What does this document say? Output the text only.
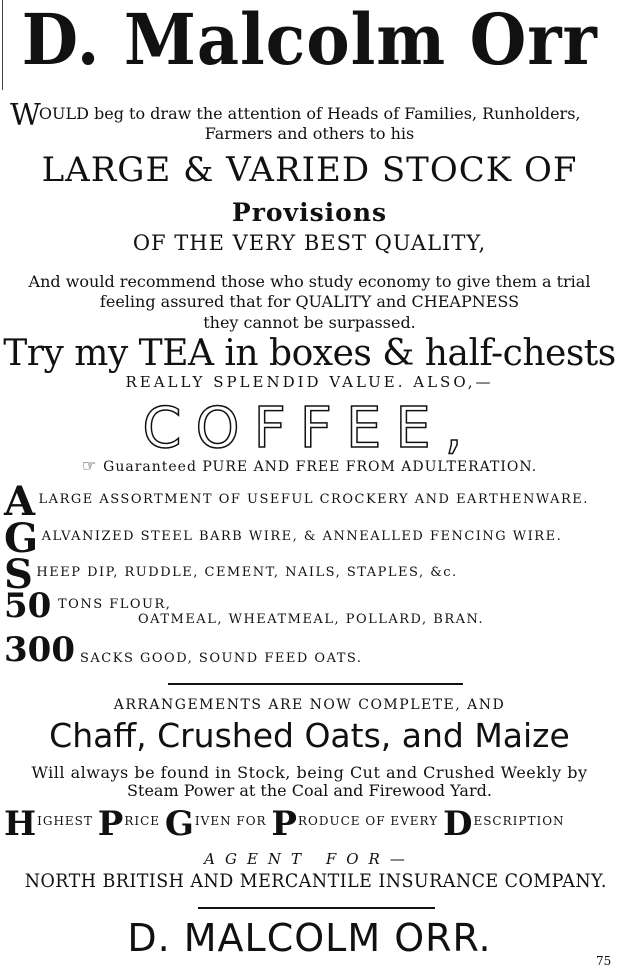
D. Malcolm Orr
WOULD beg to draw the attention of Heads of Families, Runholders,
Farmers and others to his
LARGE & VARIED STOCK OF
Provisions
OF THE VERY BEST QUALITY,
And would recommend those who study economy to give them a trial
feeling assured that for QUALITY and CHEAPNESS
they cannot be surpassed.
Try my TEA in boxes & half-chests
REALLY SPLENDID VALUE. ALSO,—
COFFEE,
☞ Guaranteed PURE AND FREE FROM ADULTERATION.
ALARGE ASSORTMENT OF USEFUL CROCKERY AND EARTHENWARE.
GALVANIZED STEEL BARB WIRE, & ANNEALLED FENCING WIRE.
SHEEP DIP, RUDDLE, CEMENT, NAILS, STAPLES, &c.
50 TONS FLOUR,
OATMEAL, WHEATMEAL, POLLARD, BRAN.
300 SACKS GOOD, SOUND FEED OATS.
ARRANGEMENTS ARE NOW COMPLETE, AND
Chaff, Crushed Oats, and Maize
Will always be found in Stock, being Cut and Crushed Weekly by
Steam Power at the Coal and Firewood Yard.
HIGHEST PRICE GIVEN FOR PRODUCE OF EVERY DESCRIPTION
AGENT FOR—
NORTH BRITISH AND MERCANTILE INSURANCE COMPANY.
D. MALCOLM ORR.
75
